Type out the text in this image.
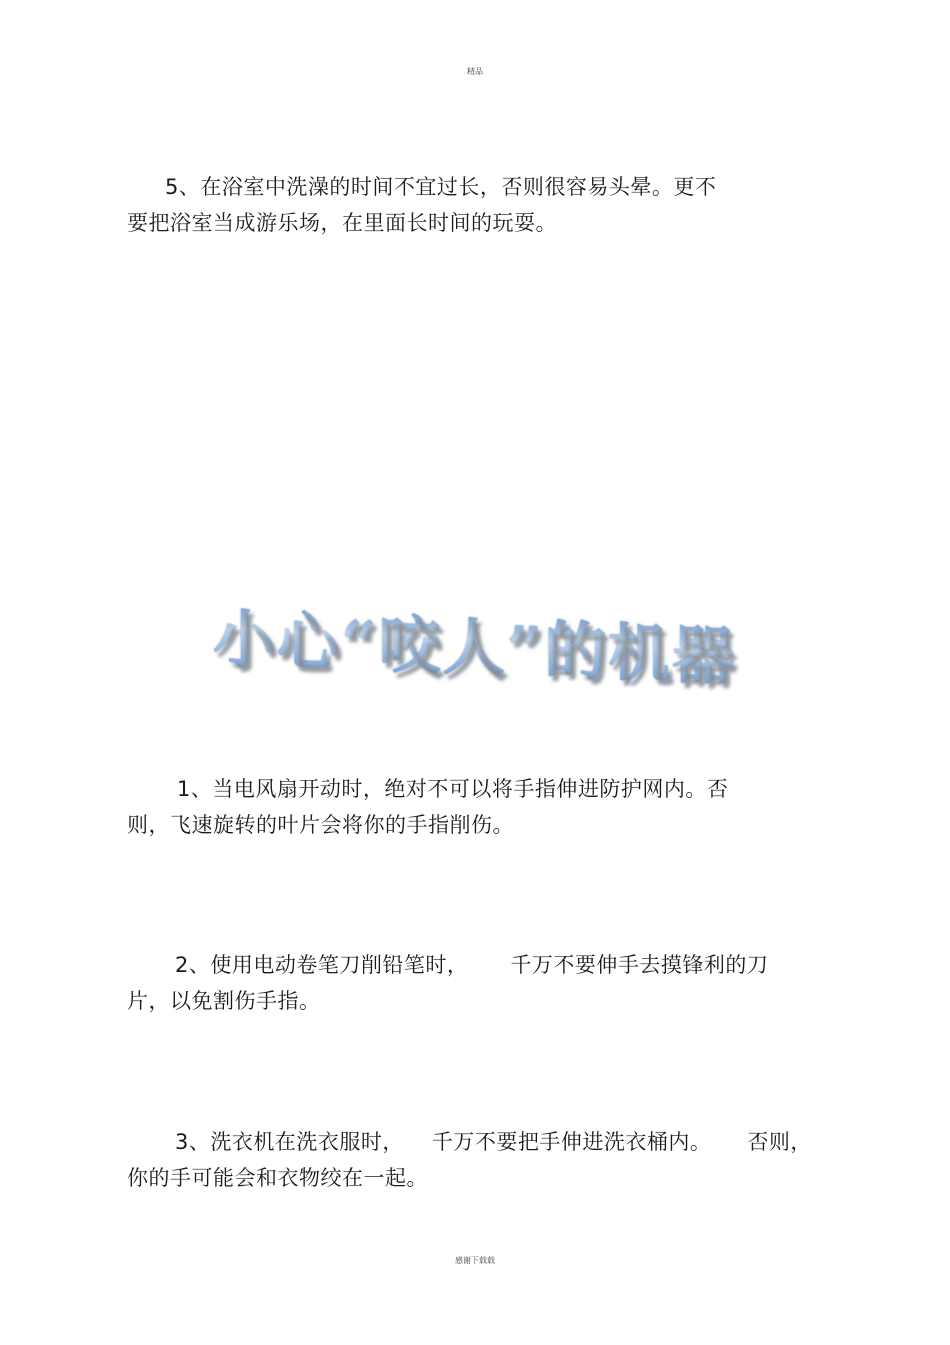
精品

5、在浴室中洗澡的时间不宜过长，否则很容易头晕。更不
要把浴室当成游乐场，在里面长时间的玩耍。

小心“咬人”的机器

1、当电风扇开动时，绝对不可以将手指伸进防护网内。否
则，飞速旋转的叶片会将你的手指削伤。

2、使用电动卷笔刀削铅笔时， 千万不要伸手去摸锋利的刀
片，以免割伤手指。

3、洗衣机在洗衣服时， 千万不要把手伸进洗衣桶内。 否则，
你的手可能会和衣物绞在一起。

感谢下载载
